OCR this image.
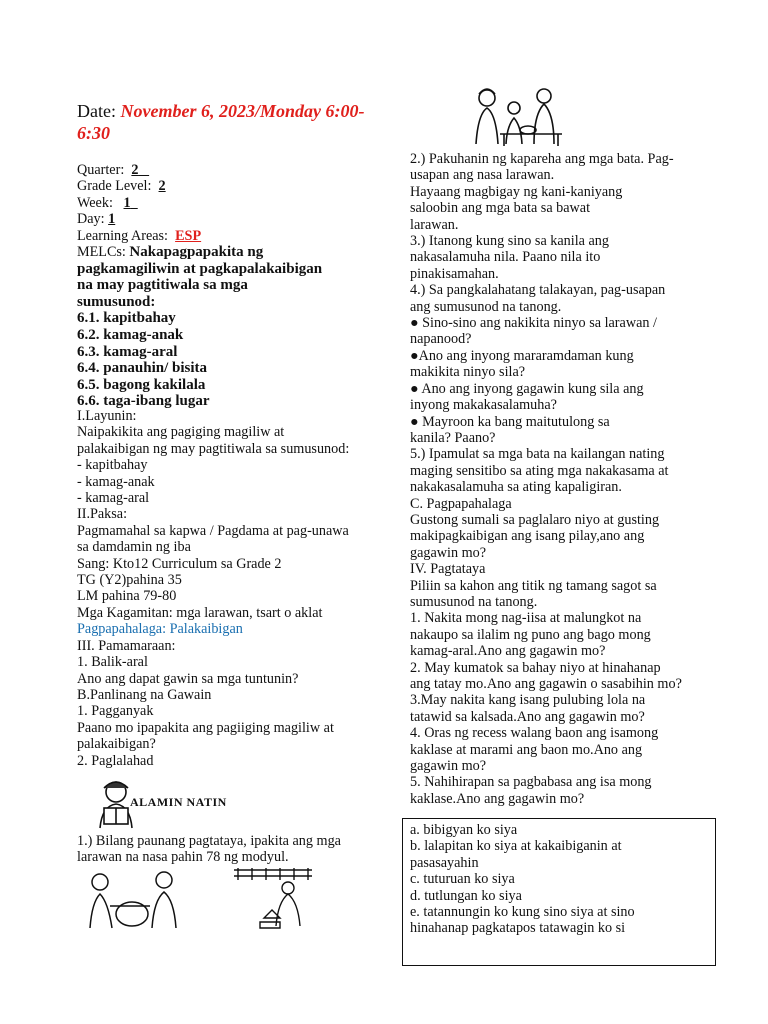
Date: November 6, 2023/Monday 6:00-
6:30
Quarter: 2
Grade Level: 2
Week: 1
Day: 1
Learning Areas: ESP
MELCs: Nakapagpapakita ng
pagkamagiliwin at pagkapalakaibigan
na may pagtitiwala sa mga
sumusunod:
6.1. kapitbahay
6.2. kamag-anak
6.3. kamag-aral
6.4. panauhin/ bisita
6.5. bagong kakilala
6.6. taga-ibang lugar
I.Layunin:
Naipakikita ang pagiging magiliw at
palakaibigan ng may pagtitiwala sa sumusunod:
- kapitbahay
- kamag-anak
- kamag-aral
II.Paksa:
Pagmamahal sa kapwa / Pagdama at pag-unawa
sa damdamin ng iba
Sang: Kto12 Curriculum sa Grade 2
TG (Y2)pahina 35
LM pahina 79-80
Mga Kagamitan: mga larawan, tsart o aklat
Pagpapahalaga: Palakaibigan
III. Pamamaraan:
1. Balik-aral
Ano ang dapat gawin sa mga tuntunin?
B.Panlinang na Gawain
1. Pagganyak
Paano mo ipapakita ang pagiiging magiliw at
palakaibigan?
2. Paglalahad
ALAMIN NATIN
1.) Bilang paunang pagtataya, ipakita ang mga
larawan na nasa pahin 78 ng modyul.
2.) Pakuhanin ng kapareha ang mga bata. Pag-
usapan ang nasa larawan.
Hayaang magbigay ng kani-kaniyang
saloobin ang mga bata sa bawat
larawan.
3.) Itanong kung sino sa kanila ang
nakasalamuha nila. Paano nila ito
pinakisamahan.
4.) Sa pangkalahatang talakayan, pag-usapan
ang sumusunod na tanong.
● Sino-sino ang nakikita ninyo sa larawan /
napanood?
●Ano ang inyong mararamdaman kung
makikita ninyo sila?
● Ano ang inyong gagawin kung sila ang
inyong makakasalamuha?
● Mayroon ka bang maitutulong sa
kanila? Paano?
5.) Ipamulat sa mga bata na kailangan nating
maging sensitibo sa ating mga nakakasama at
nakakasalamuha sa ating kapaligiran.
C. Pagpapahalaga
Gustong sumali sa paglalaro niyo at gusting
makipagkaibigan ang isang pilay,ano ang
gagawin mo?
IV. Pagtataya
Piliin sa kahon ang titik ng tamang sagot sa
sumusunod na tanong.
1. Nakita mong nag-iisa at malungkot na
nakaupo sa ilalim ng puno ang bago mong
kamag-aral.Ano ang gagawin mo?
2. May kumatok sa bahay niyo at hinahanap
ang tatay mo.Ano ang gagawin o sasabihin mo?
3.May nakita kang isang pulubing lola na
tatawid sa kalsada.Ano ang gagawin mo?
4. Oras ng recess walang baon ang isamong
kaklase at marami ang baon mo.Ano ang
gagawin mo?
5. Nahihirapan sa pagbabasa ang isa mong
kaklase.Ano ang gagawin mo?
a. bibigyan ko siya
b. lalapitan ko siya at kakaibiganin at
pasasayahin
c. tuturuan ko siya
d. tutlungan ko siya
e. tatannungin ko kung sino siya at sino
hinahanap pagkatapos tatawagin ko si
